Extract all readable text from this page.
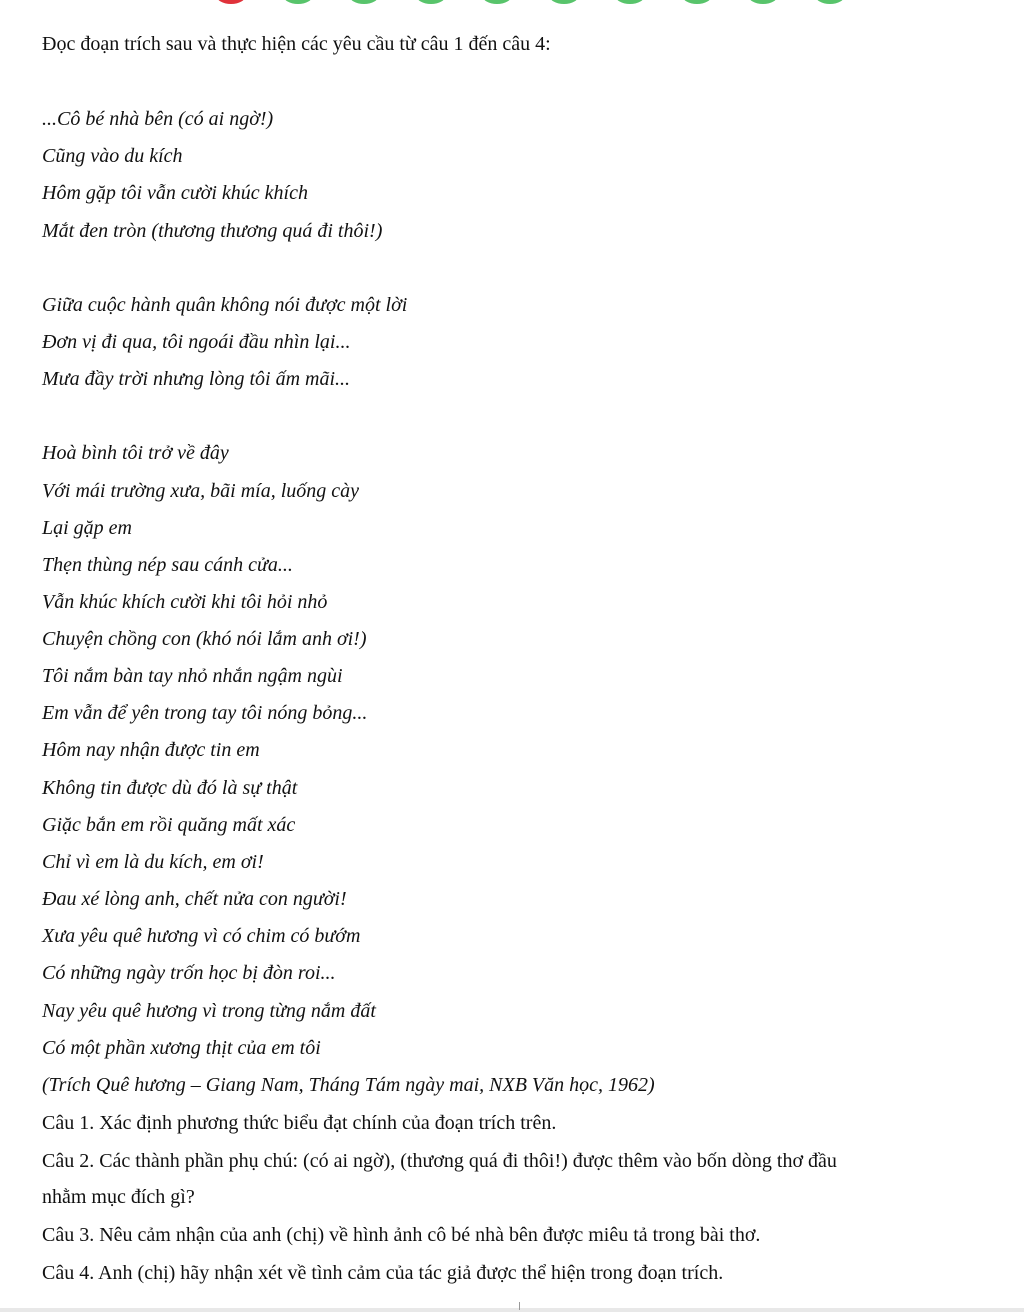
Đọc đoạn trích sau và thực hiện các yêu cầu từ câu 1 đến câu 4:
...Cô bé nhà bên (có ai ngờ!)
Cũng vào du kích
Hôm gặp tôi vẫn cười khúc khích
Mắt đen tròn (thương thương quá đi thôi!)
Giữa cuộc hành quân không nói được một lời
Đơn vị đi qua, tôi ngoái đầu nhìn lại...
Mưa đầy trời nhưng lòng tôi ấm mãi...
Hoà bình tôi trở về đây
Với mái trường xưa, bãi mía, luống cày
Lại gặp em
Thẹn thùng nép sau cánh cửa...
Vẫn khúc khích cười khi tôi hỏi nhỏ
Chuyện chồng con (khó nói lắm anh ơi!)
Tôi nắm bàn tay nhỏ nhắn ngậm ngùi
Em vẫn để yên trong tay tôi nóng bỏng...
Hôm nay nhận được tin em
Không tin được dù đó là sự thật
Giặc bắn em rồi quăng mất xác
Chỉ vì em là du kích, em ơi!
Đau xé lòng anh, chết nửa con người!
Xưa yêu quê hương vì có chim có bướm
Có những ngày trốn học bị đòn roi...
Nay yêu quê hương vì trong từng nắm đất
Có một phần xương thịt của em tôi
(Trích Quê hương – Giang Nam, Tháng Tám ngày mai, NXB Văn học, 1962)
Câu 1. Xác định phương thức biểu đạt chính của đoạn trích trên.
Câu 2. Các thành phần phụ chú: (có ai ngờ), (thương quá đi thôi!) được thêm vào bốn dòng thơ đầu
nhằm mục đích gì?
Câu 3. Nêu cảm nhận của anh (chị) về hình ảnh cô bé nhà bên được miêu tả trong bài thơ.
Câu 4. Anh (chị) hãy nhận xét về tình cảm của tác giả được thể hiện trong đoạn trích.
